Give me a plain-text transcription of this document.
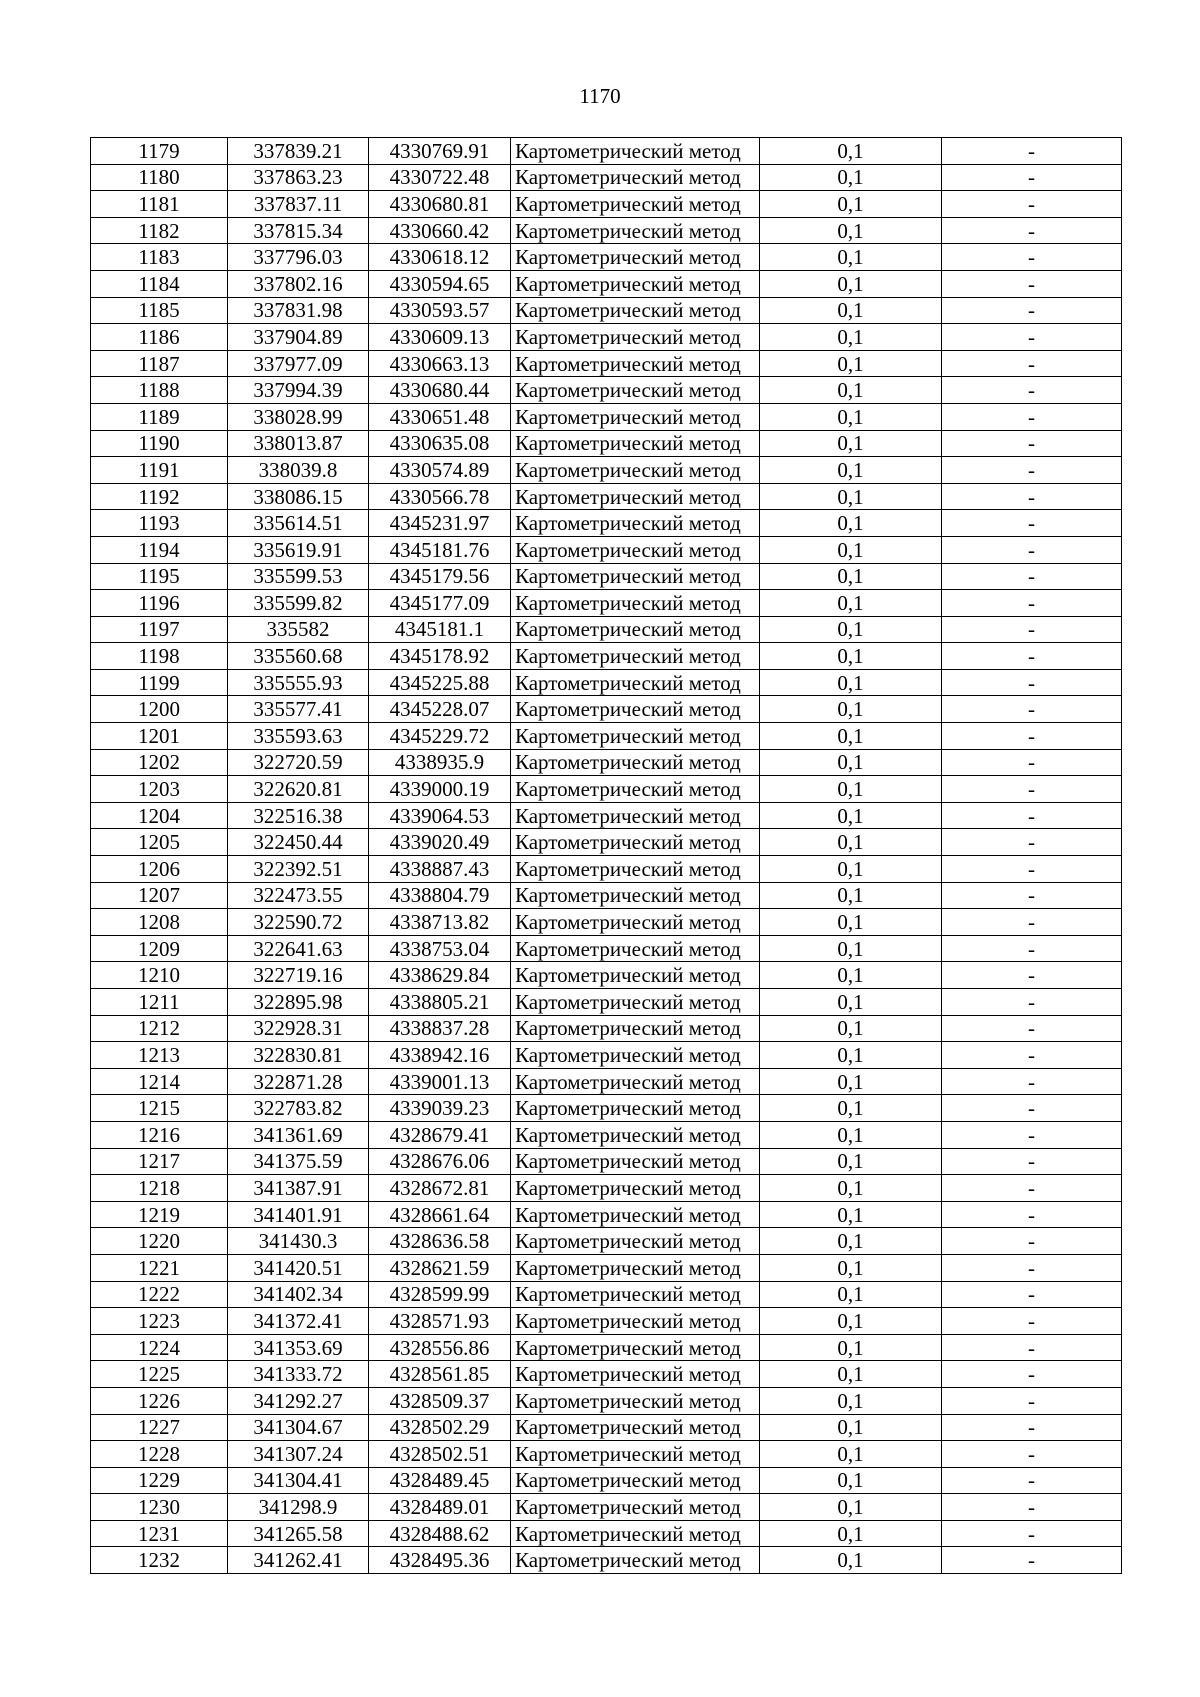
1170
1179	337839.21	4330769.91	Картометрический метод	0,1	-
1180	337863.23	4330722.48	Картометрический метод	0,1	-
1181	337837.11	4330680.81	Картометрический метод	0,1	-
1182	337815.34	4330660.42	Картометрический метод	0,1	-
1183	337796.03	4330618.12	Картометрический метод	0,1	-
1184	337802.16	4330594.65	Картометрический метод	0,1	-
1185	337831.98	4330593.57	Картометрический метод	0,1	-
1186	337904.89	4330609.13	Картометрический метод	0,1	-
1187	337977.09	4330663.13	Картометрический метод	0,1	-
1188	337994.39	4330680.44	Картометрический метод	0,1	-
1189	338028.99	4330651.48	Картометрический метод	0,1	-
1190	338013.87	4330635.08	Картометрический метод	0,1	-
1191	338039.8	4330574.89	Картометрический метод	0,1	-
1192	338086.15	4330566.78	Картометрический метод	0,1	-
1193	335614.51	4345231.97	Картометрический метод	0,1	-
1194	335619.91	4345181.76	Картометрический метод	0,1	-
1195	335599.53	4345179.56	Картометрический метод	0,1	-
1196	335599.82	4345177.09	Картометрический метод	0,1	-
1197	335582	4345181.1	Картометрический метод	0,1	-
1198	335560.68	4345178.92	Картометрический метод	0,1	-
1199	335555.93	4345225.88	Картометрический метод	0,1	-
1200	335577.41	4345228.07	Картометрический метод	0,1	-
1201	335593.63	4345229.72	Картометрический метод	0,1	-
1202	322720.59	4338935.9	Картометрический метод	0,1	-
1203	322620.81	4339000.19	Картометрический метод	0,1	-
1204	322516.38	4339064.53	Картометрический метод	0,1	-
1205	322450.44	4339020.49	Картометрический метод	0,1	-
1206	322392.51	4338887.43	Картометрический метод	0,1	-
1207	322473.55	4338804.79	Картометрический метод	0,1	-
1208	322590.72	4338713.82	Картометрический метод	0,1	-
1209	322641.63	4338753.04	Картометрический метод	0,1	-
1210	322719.16	4338629.84	Картометрический метод	0,1	-
1211	322895.98	4338805.21	Картометрический метод	0,1	-
1212	322928.31	4338837.28	Картометрический метод	0,1	-
1213	322830.81	4338942.16	Картометрический метод	0,1	-
1214	322871.28	4339001.13	Картометрический метод	0,1	-
1215	322783.82	4339039.23	Картометрический метод	0,1	-
1216	341361.69	4328679.41	Картометрический метод	0,1	-
1217	341375.59	4328676.06	Картометрический метод	0,1	-
1218	341387.91	4328672.81	Картометрический метод	0,1	-
1219	341401.91	4328661.64	Картометрический метод	0,1	-
1220	341430.3	4328636.58	Картометрический метод	0,1	-
1221	341420.51	4328621.59	Картометрический метод	0,1	-
1222	341402.34	4328599.99	Картометрический метод	0,1	-
1223	341372.41	4328571.93	Картометрический метод	0,1	-
1224	341353.69	4328556.86	Картометрический метод	0,1	-
1225	341333.72	4328561.85	Картометрический метод	0,1	-
1226	341292.27	4328509.37	Картометрический метод	0,1	-
1227	341304.67	4328502.29	Картометрический метод	0,1	-
1228	341307.24	4328502.51	Картометрический метод	0,1	-
1229	341304.41	4328489.45	Картометрический метод	0,1	-
1230	341298.9	4328489.01	Картометрический метод	0,1	-
1231	341265.58	4328488.62	Картометрический метод	0,1	-
1232	341262.41	4328495.36	Картометрический метод	0,1	-
